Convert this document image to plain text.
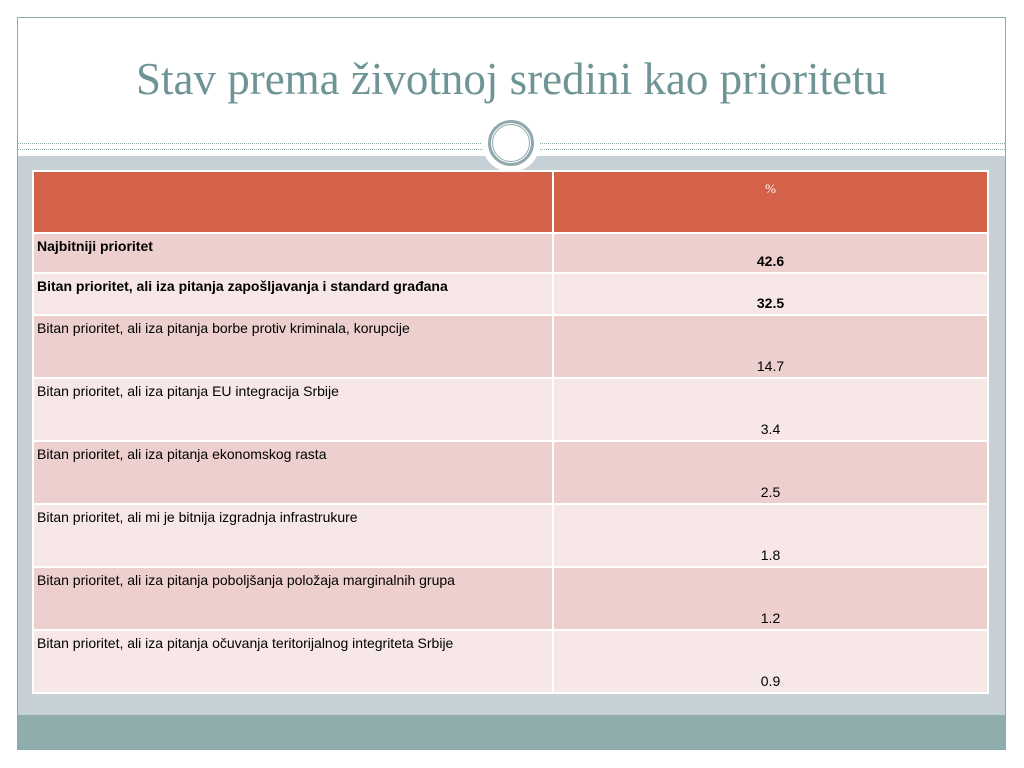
Stav prema životnoj sredini kao prioritetu
	%
Najbitniji prioritet	42.6
Bitan prioritet, ali iza pitanja zapošljavanja i standard građana	32.5
Bitan prioritet, ali iza pitanja borbe protiv kriminala, korupcije	14.7
Bitan prioritet, ali iza pitanja EU integracija Srbije	3.4
Bitan prioritet, ali iza pitanja ekonomskog rasta	2.5
Bitan prioritet, ali mi je bitnija izgradnja infrastrukure	1.8
Bitan prioritet, ali iza pitanja poboljšanja položaja marginalnih grupa	1.2
Bitan prioritet, ali iza pitanja očuvanja teritorijalnog integriteta Srbije	0.9
